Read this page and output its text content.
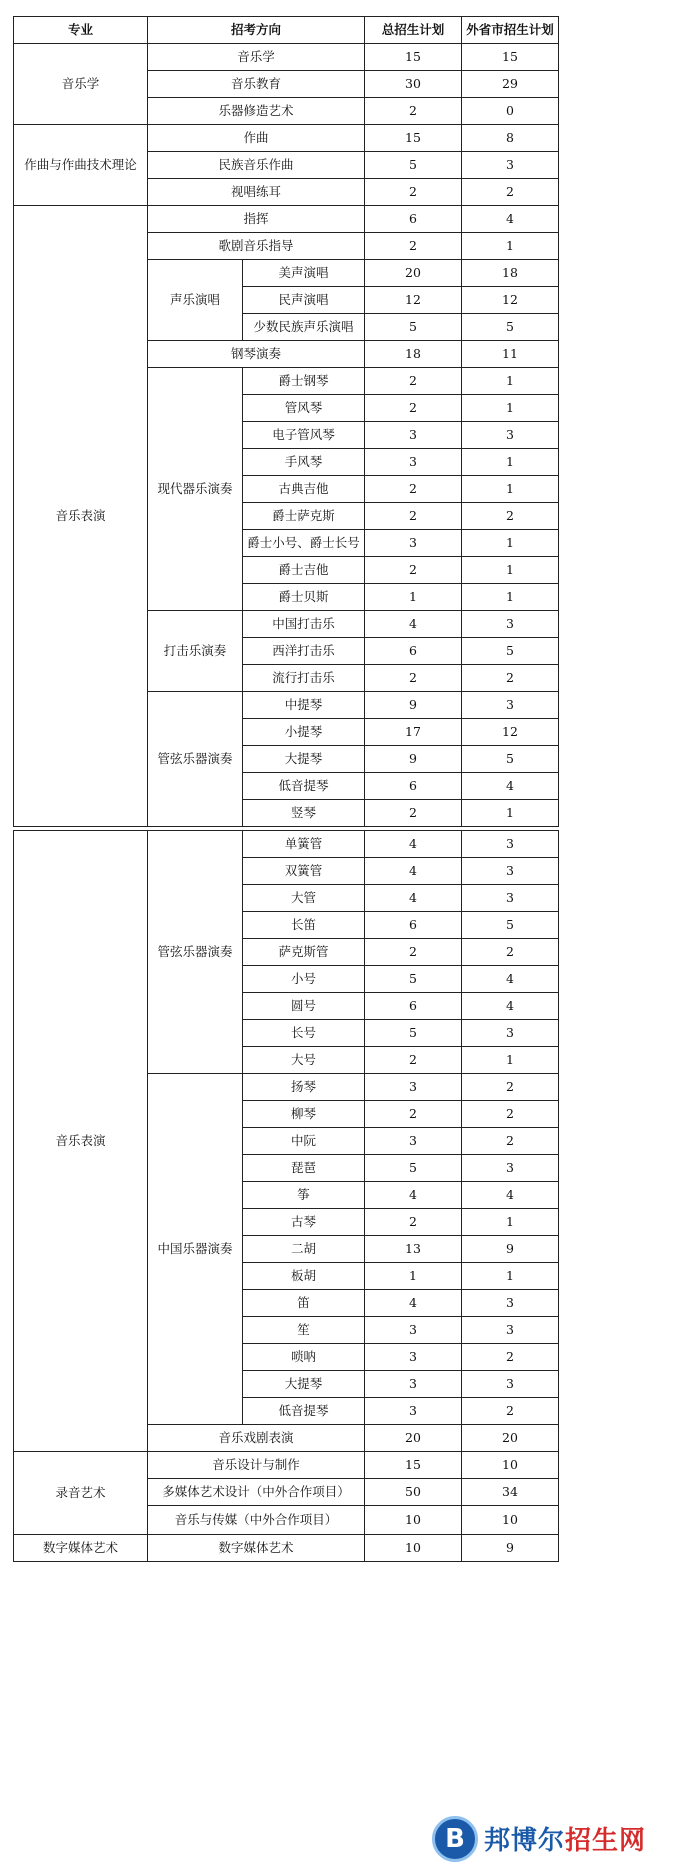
专业	招考方向		总招生计划	外省市招生计划
音乐学	音乐学		15	15
	音乐教育		30	29
	乐器修造艺术		2	0
作曲与作曲技术理论	作曲		15	8
	民族音乐作曲		5	3
	视唱练耳		2	2
音乐表演	指挥		6	4
	歌剧音乐指导		2	1
	声乐演唱	美声演唱	20	18
		民声演唱	12	12
		少数民族声乐演唱	5	5
	钢琴演奏		18	11
	现代器乐演奏	爵士钢琴	2	1
		管风琴	2	1
		电子管风琴	3	3
		手风琴	3	1
		古典吉他	2	1
		爵士萨克斯	2	2
		爵士小号、爵士长号	3	1
		爵士吉他	2	1
		爵士贝斯	1	1
	打击乐演奏	中国打击乐	4	3
		西洋打击乐	6	5
		流行打击乐	2	2
	管弦乐器演奏	中提琴	9	3
		小提琴	17	12
		大提琴	9	5
		低音提琴	6	4
		竖琴	2	1
音乐表演	管弦乐器演奏	单簧管	4	3
		双簧管	4	3
		大管	4	3
		长笛	6	5
		萨克斯管	2	2
		小号	5	4
		圆号	6	4
		长号	5	3
		大号	2	1
	中国乐器演奏	扬琴	3	2
		柳琴	2	2
		中阮	3	2
		琵琶	5	3
		筝	4	4
		古琴	2	1
		二胡	13	9
		板胡	1	1
		笛	4	3
		笙	3	3
		唢呐	3	2
		大提琴	3	3
		低音提琴	3	2
	音乐戏剧表演		20	20
录音艺术	音乐设计与制作		15	10
	多媒体艺术设计（中外合作项目）		50	34
	音乐与传媒（中外合作项目）		10	10
数字媒体艺术	数字媒体艺术		10	9
B 邦博尔招生网
